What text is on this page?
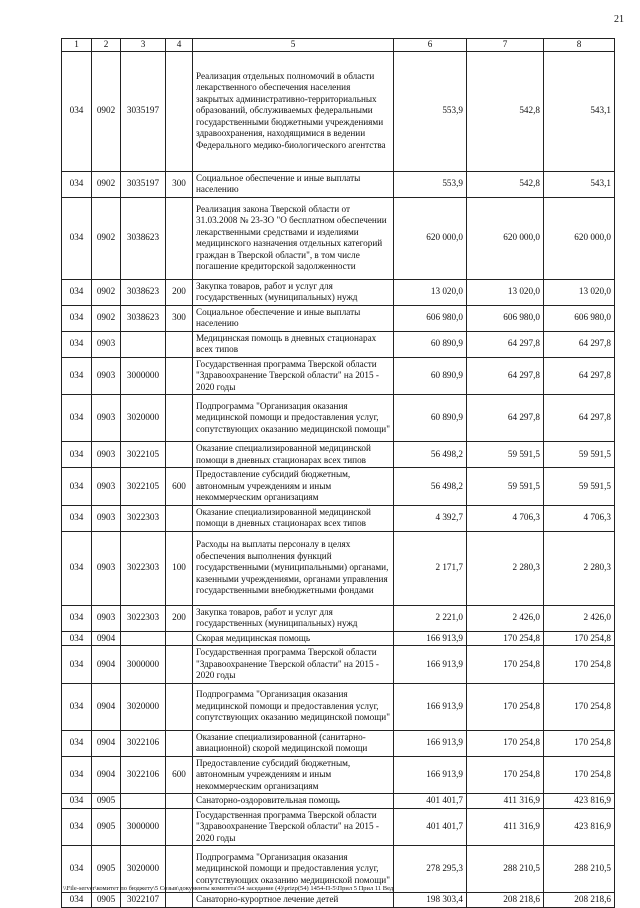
21
1	2	3	4	5	6	7	8
034	0902	3035197		Реализация отдельных полномочий в области лекарственного обеспечения населения закрытых административно-территориальных образований, обслуживаемых федеральными государственными бюджетными учреждениями здравоохранения, находящимися в ведении Федерального медико-биологического агентства	553,9	542,8	543,1
034	0902	3035197	300	Социальное обеспечение и иные выплаты населению	553,9	542,8	543,1
034	0902	3038623		Реализация закона Тверской области от 31.03.2008 № 23-ЗО "О бесплатном обеспечении лекарственными средствами и изделиями медицинского назначения отдельных категорий граждан в Тверской области", в том числе погашение кредиторской задолженности	620 000,0	620 000,0	620 000,0
034	0902	3038623	200	Закупка товаров, работ и услуг для государственных (муниципальных) нужд	13 020,0	13 020,0	13 020,0
034	0902	3038623	300	Социальное обеспечение и иные выплаты населению	606 980,0	606 980,0	606 980,0
034	0903			Медицинская помощь в дневных стационарах всех типов	60 890,9	64 297,8	64 297,8
034	0903	3000000		Государственная программа Тверской области "Здравоохранение Тверской области" на 2015 - 2020 годы	60 890,9	64 297,8	64 297,8
034	0903	3020000		Подпрограмма "Организация оказания медицинской помощи и предоставления услуг, сопутствующих оказанию медицинской помощи"	60 890,9	64 297,8	64 297,8
034	0903	3022105		Оказание специализированной медицинской помощи в дневных стационарах всех типов	56 498,2	59 591,5	59 591,5
034	0903	3022105	600	Предоставление субсидий бюджетным, автономным учреждениям и иным некоммерческим организациям	56 498,2	59 591,5	59 591,5
034	0903	3022303		Оказание специализированной медицинской помощи в дневных стационарах всех типов	4 392,7	4 706,3	4 706,3
034	0903	3022303	100	Расходы на выплаты персоналу в целях обеспечения выполнения функций государственными (муниципальными) органами, казенными учреждениями, органами управления государственными внебюджетными фондами	2 171,7	2 280,3	2 280,3
034	0903	3022303	200	Закупка товаров, работ и услуг для государственных (муниципальных) нужд	2 221,0	2 426,0	2 426,0
034	0904			Скорая медицинская помощь	166 913,9	170 254,8	170 254,8
034	0904	3000000		Государственная программа Тверской области "Здравоохранение Тверской области" на 2015 - 2020 годы	166 913,9	170 254,8	170 254,8
034	0904	3020000		Подпрограмма "Организация оказания медицинской помощи и предоставления услуг, сопутствующих оказанию медицинской помощи"	166 913,9	170 254,8	170 254,8
034	0904	3022106		Оказание специализированной (санитарно-авиационной) скорой медицинской помощи	166 913,9	170 254,8	170 254,8
034	0904	3022106	600	Предоставление субсидий бюджетным, автономным учреждениям и иным некоммерческим организациям	166 913,9	170 254,8	170 254,8
034	0905			Санаторно-оздоровительная помощь	401 401,7	411 316,9	423 816,9
034	0905	3000000		Государственная программа Тверской области "Здравоохранение Тверской области" на 2015 - 2020 годы	401 401,7	411 316,9	423 816,9
034	0905	3020000		Подпрограмма "Организация оказания медицинской помощи и предоставления услуг, сопутствующих оказанию медицинской помощи"	278 295,3	288 210,5	288 210,5
034	0905	3022107		Санаторно-курортное лечение детей	198 303,4	208 218,6	208 218,6
\\File-server\комитет по бюджету\5 Созыв\документы комитета\54 заседание (4)\prizp(54) 1454-П-5\Прил 5 Прил 11 Вед
